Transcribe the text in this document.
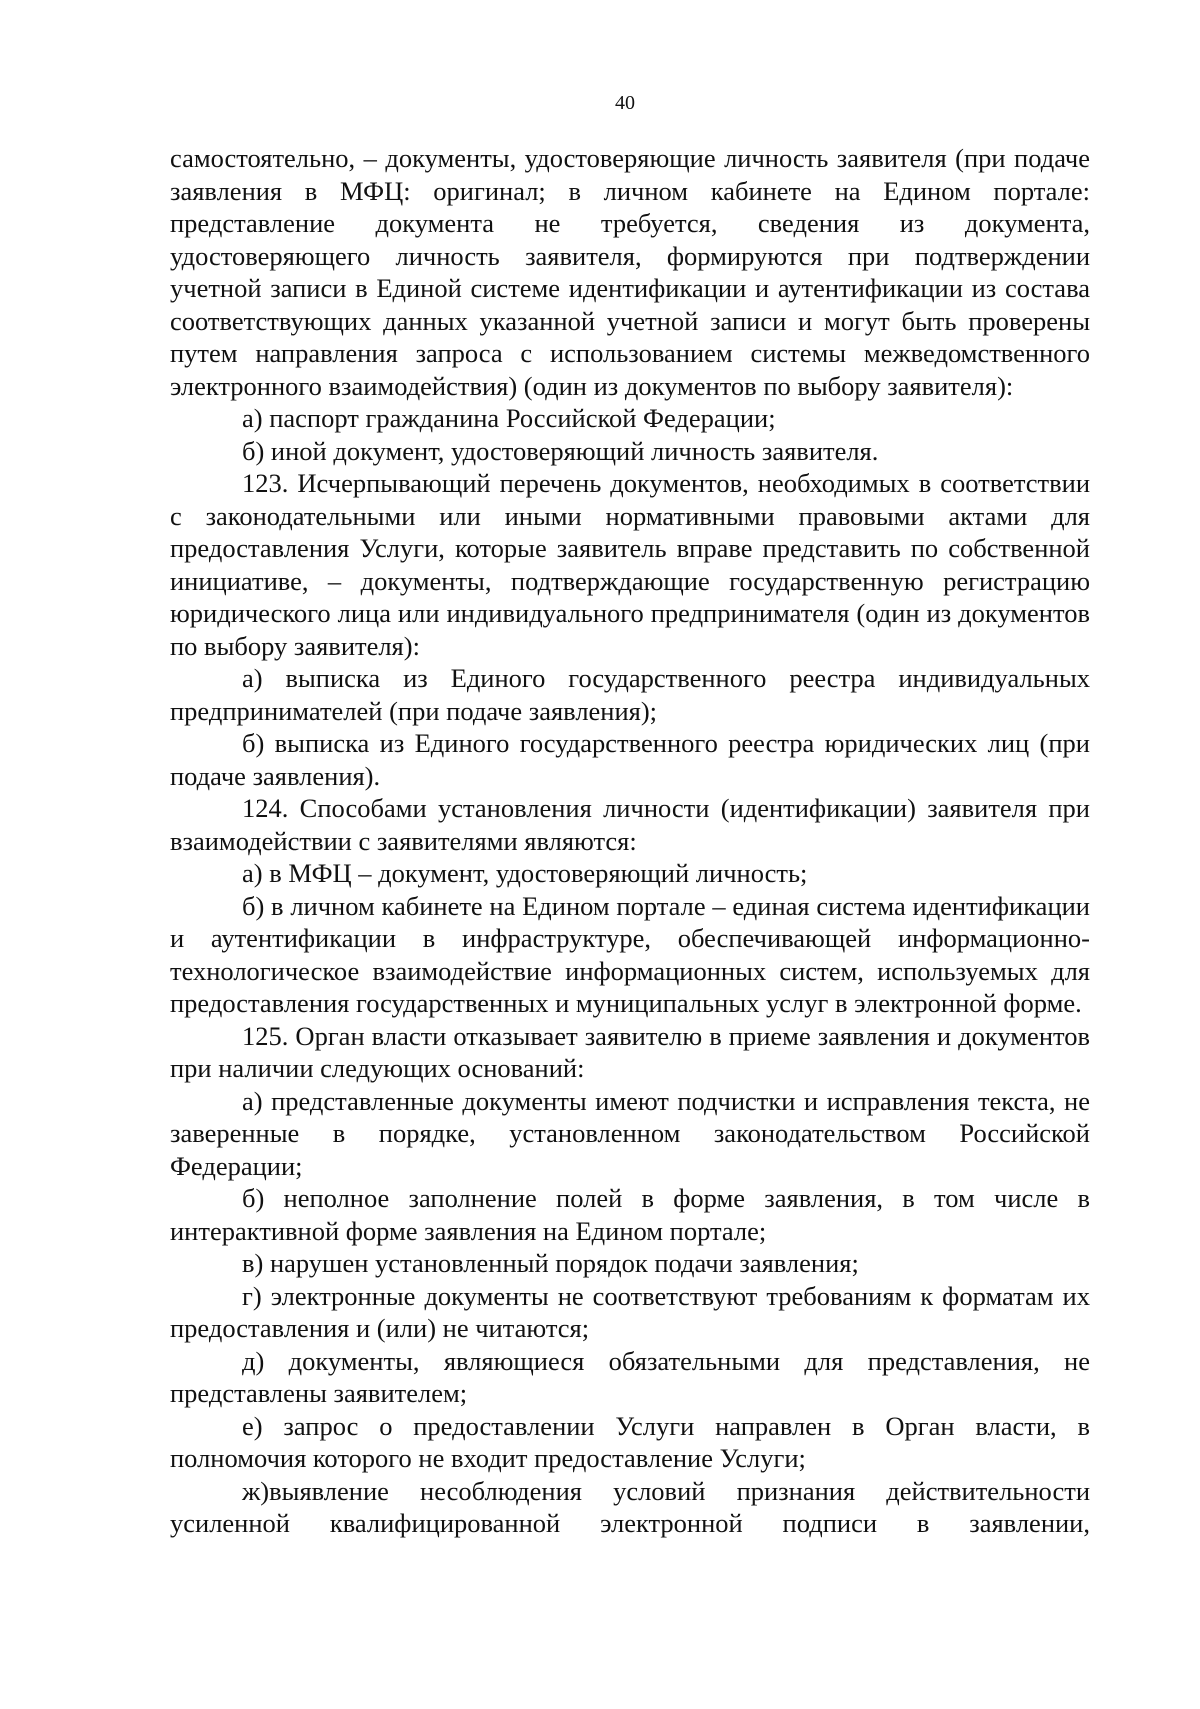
40

самостоятельно, – документы, удостоверяющие личность заявителя (при подаче заявления в МФЦ: оригинал; в личном кабинете на Едином портале: представление документа не требуется, сведения из документа, удостоверяющего личность заявителя, формируются при подтверждении учетной записи в Единой системе идентификации и аутентификации из состава соответствующих данных указанной учетной записи и могут быть проверены путем направления запроса с использованием системы межведомственного электронного взаимодействия) (один из документов по выбору заявителя):

а) паспорт гражданина Российской Федерации;

б) иной документ, удостоверяющий личность заявителя.

123. Исчерпывающий перечень документов, необходимых в соответствии с законодательными или иными нормативными правовыми актами для предоставления Услуги, которые заявитель вправе представить по собственной инициативе, – документы, подтверждающие государственную регистрацию юридического лица или индивидуального предпринимателя (один из документов по выбору заявителя):

а) выписка из Единого государственного реестра индивидуальных предпринимателей (при подаче заявления);

б) выписка из Единого государственного реестра юридических лиц (при подаче заявления).

124. Способами установления личности (идентификации) заявителя при взаимодействии с заявителями являются:

а) в МФЦ – документ, удостоверяющий личность;

б) в личном кабинете на Едином портале – единая система идентификации и аутентификации в инфраструктуре, обеспечивающей информационно-технологическое взаимодействие информационных систем, используемых для предоставления государственных и муниципальных услуг в электронной форме.

125. Орган власти отказывает заявителю в приеме заявления и документов при наличии следующих оснований:

а) представленные документы имеют подчистки и исправления текста, не заверенные в порядке, установленном законодательством Российской Федерации;

б) неполное заполнение полей в форме заявления, в том числе в интерактивной форме заявления на Едином портале;

в) нарушен установленный порядок подачи заявления;

г) электронные документы не соответствуют требованиям к форматам их предоставления и (или) не читаются;

д) документы, являющиеся обязательными для представления, не представлены заявителем;

е) запрос о предоставлении Услуги направлен в Орган власти, в полномочия которого не входит предоставление Услуги;

ж)выявление несоблюдения условий признания действительности усиленной квалифицированной электронной подписи в заявлении,
